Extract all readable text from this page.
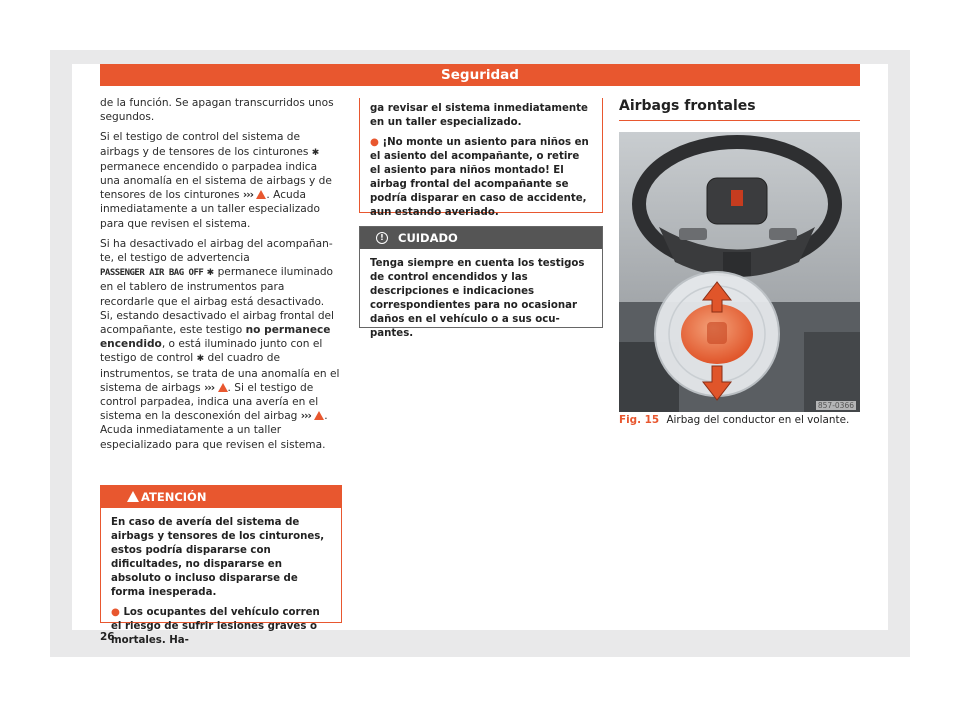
Seguridad

de la función. Se apagan transcurridos unos segundos.

Si el testigo de control del sistema de airbags y de tensores de los cinturones ✱ permanece encendido o parpadea indica una anomalía en el sistema de airbags y de tensores de los cinturones ››› . Acuda inmediatamente a un taller especializado para que revisen el sistema.

Si ha desactivado el airbag del acompañante, el testigo de advertencia
PASSENGER AIR BAG OFF ✱ permanece iluminado en el tablero de instrumentos para recordarle que el airbag está desactivado. Si, estando desactivado el airbag frontal del acompañante, este testigo no permanece encendido, o está iluminado junto con el testigo de control ✱ del cuadro de instrumentos, se trata de una anomalía en el sistema de airbags ››› . Si el testigo de control parpadea, indica una avería en el sistema en la desconexión del airbag ››› . Acuda inmediatamente a un taller especializado para que revisen el sistema.

ATENCIÓN

En caso de avería del sistema de airbags y tensores de los cinturones, estos podría dispararse con dificultades, no dispararse en absoluto o incluso dispararse de forma inesperada.

● Los ocupantes del vehículo corren el riesgo de sufrir lesiones graves o mortales. Ha-

ga revisar el sistema inmediatamente en un taller especializado.

● ¡No monte un asiento para niños en el asiento del acompañante, o retire el asiento para niños montado! El airbag frontal del acompañante se podría disparar en caso de accidente, aun estando averiado.

!	CUIDADO

Tenga siempre en cuenta los testigos de control encendidos y las descripciones e indicaciones correspondientes para no ocasionar daños en el vehículo o a sus ocupantes.

Airbags frontales
857-0366
Fig. 15 Airbag del conductor en el volante.
26
